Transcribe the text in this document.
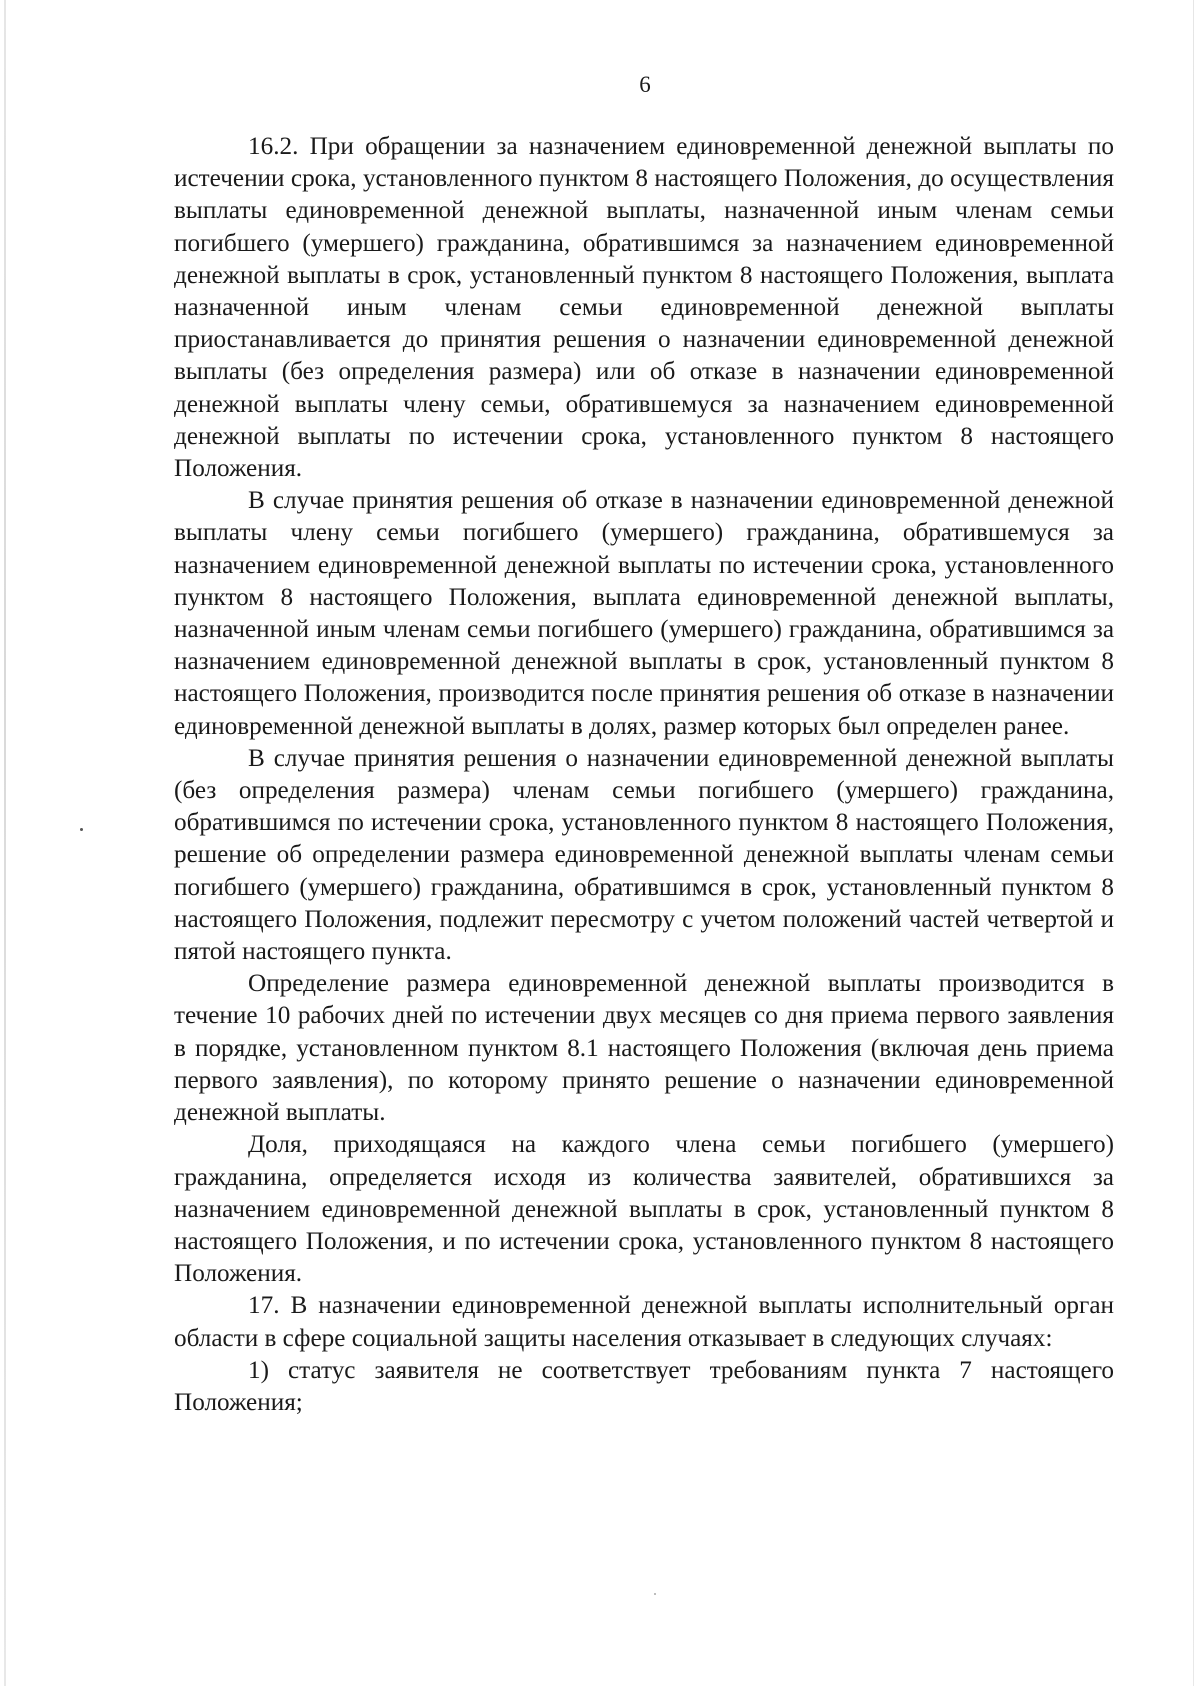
6

16.2. При обращении за назначением единовременной денежной выплаты по истечении срока, установленного пунктом 8 настоящего Положения, до осуществления выплаты единовременной денежной выплаты, назначенной иным членам семьи погибшего (умершего) гражданина, обратившимся за назначением единовременной денежной выплаты в срок, установленный пунктом 8 настоящего Положения, выплата назначенной иным членам семьи единовременной денежной выплаты приостанавливается до принятия решения о назначении единовременной денежной выплаты (без определения размера) или об отказе в назначении единовременной денежной выплаты члену семьи, обратившемуся за назначением единовременной денежной выплаты по истечении срока, установленного пунктом 8 настоящего Положения.

В случае принятия решения об отказе в назначении единовременной денежной выплаты члену семьи погибшего (умершего) гражданина, обратившемуся за назначением единовременной денежной выплаты по истечении срока, установленного пунктом 8 настоящего Положения, выплата единовременной денежной выплаты, назначенной иным членам семьи погибшего (умершего) гражданина, обратившимся за назначением единовременной денежной выплаты в срок, установленный пунктом 8 настоящего Положения, производится после принятия решения об отказе в назначении единовременной денежной выплаты в долях, размер которых был определен ранее.

В случае принятия решения о назначении единовременной денежной выплаты (без определения размера) членам семьи погибшего (умершего) гражданина, обратившимся по истечении срока, установленного пунктом 8 настоящего Положения, решение об определении размера единовременной денежной выплаты членам семьи погибшего (умершего) гражданина, обратившимся в срок, установленный пунктом 8 настоящего Положения, подлежит пересмотру с учетом положений частей четвертой и пятой настоящего пункта.

Определение размера единовременной денежной выплаты производится в течение 10 рабочих дней по истечении двух месяцев со дня приема первого заявления в порядке, установленном пунктом 8.1 настоящего Положения (включая день приема первого заявления), по которому принято решение о назначении единовременной денежной выплаты.

Доля, приходящаяся на каждого члена семьи погибшего (умершего) гражданина, определяется исходя из количества заявителей, обратившихся за назначением единовременной денежной выплаты в срок, установленный пунктом 8 настоящего Положения, и по истечении срока, установленного пунктом 8 настоящего Положения.

17. В назначении единовременной денежной выплаты исполнительный орган области в сфере социальной защиты населения отказывает в следующих случаях:

1) статус заявителя не соответствует требованиям пункта 7 настоящего Положения;
